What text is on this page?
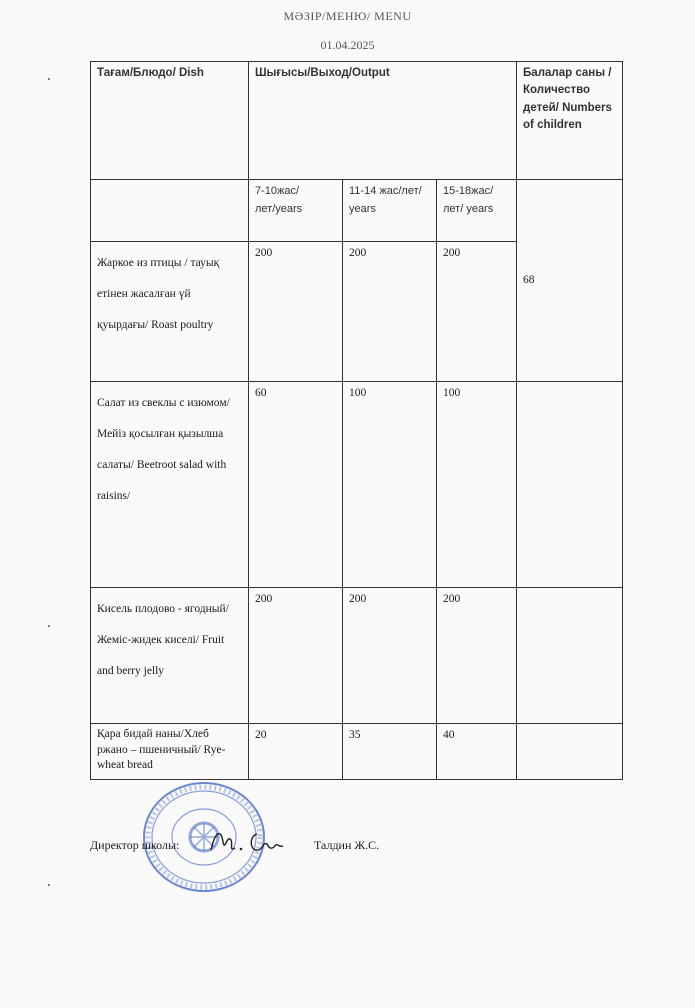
МӘЗІР/МЕНЮ/ MENU
01.04.2025
Тағам/Блюдо/ Dish	Шығысы/Выход/Output			Балалар саны /Количество детей/ Numbers of children
	7-10жас/лет/years	11-14 жас/лет/ years	15-18жас/лет/ years	68
Жаркое из птицы / тауық етінен жасалған үй қуырдағы/ Roast poultry	200	200	200	
Салат из свеклы с изюмом/ Мейіз қосылған қызылша салаты/ Beetroot salad with raisins/	60	100	100	
Кисель плодово - ягодный/ Жеміс-жидек киселі/ Fruit and berry jelly	200	200	200	
Қара бидай наны/Хлеб ржано – пшеничный/ Rye-wheat bread	20	35	40	
Директор школы:	Талдин Ж.С.
